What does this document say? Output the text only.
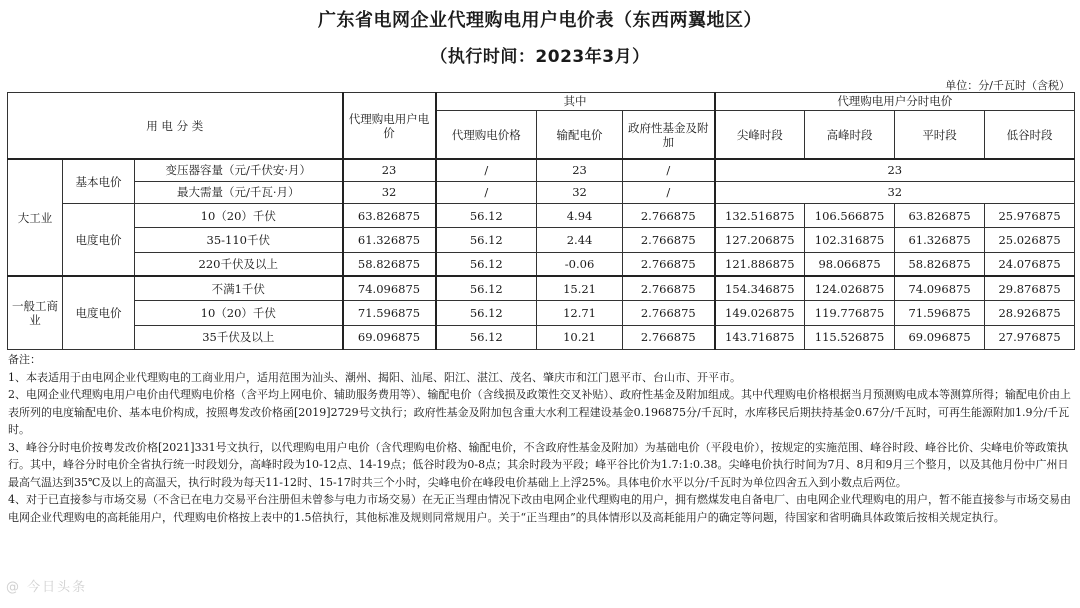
广东省电网企业代理购电用户电价表（东西两翼地区）
（执行时间：2023年3月）
单位：分/千瓦时（含税）
用 电 分 类			代理购电用户电价	其中			代理购电用户分时电价			
				代理购电价格	输配电价	政府性基金及附加	尖峰时段	高峰时段	平时段	低谷时段
大工业	基本电价	变压器容量（元/千伏安·月）	23	/	23	/	23			
		最大需量（元/千瓦·月）	32	/	32	/	32			
	电度电价	10（20）千伏	63.826875	56.12	4.94	2.766875	132.516875	106.566875	63.826875	25.976875
		35-110千伏	61.326875	56.12	2.44	2.766875	127.206875	102.316875	61.326875	25.026875
		220千伏及以上	58.826875	56.12	-0.06	2.766875	121.886875	98.066875	58.826875	24.076875
一般工商业	电度电价	不满1千伏	74.096875	56.12	15.21	2.766875	154.346875	124.026875	74.096875	29.876875
		10（20）千伏	71.596875	56.12	12.71	2.766875	149.026875	119.776875	71.596875	28.926875
		35千伏及以上	69.096875	56.12	10.21	2.766875	143.716875	115.526875	69.096875	27.976875

备注：

1、本表适用于由电网企业代理购电的工商业用户，适用范围为汕头、潮州、揭阳、汕尾、阳江、湛江、茂名、肇庆市和江门恩平市、台山市、开平市。

2、电网企业代理购电用户电价由代理购电价格（含平均上网电价、辅助服务费用等）、输配电价（含线损及政策性交叉补贴）、政府性基金及附加组成。其中代理购电价格根据当月预测购电成本等测算所得；输配电价由上表所列的电度输配电价、基本电价构成，按照粤发改价格函[2019]2729号文执行；政府性基金及附加包含重大水利工程建设基金0.196875分/千瓦时，水库移民后期扶持基金0.67分/千瓦时，可再生能源附加1.9分/千瓦时。

3、峰谷分时电价按粤发改价格[2021]331号文执行，以代理购电用户电价（含代理购电价格、输配电价，不含政府性基金及附加）为基础电价（平段电价），按规定的实施范围、峰谷时段、峰谷比价、尖峰电价等政策执行。其中，峰谷分时电价全省执行统一时段划分，高峰时段为10-12点、14-19点；低谷时段为0-8点；其余时段为平段；峰平谷比价为1.7:1:0.38。尖峰电价执行时间为7月、8月和9月三个整月，以及其他月份中广州日最高气温达到35℃及以上的高温天，执行时段为每天11-12时、15-17时共三个小时，尖峰电价在峰段电价基础上上浮25%。具体电价水平以分/千瓦时为单位四舍五入到小数点后两位。

4、对于已直接参与市场交易（不含已在电力交易平台注册但未曾参与电力市场交易）在无正当理由情况下改由电网企业代理购电的用户，拥有燃煤发电自备电厂、由电网企业代理购电的用户，暂不能直接参与市场交易由电网企业代理购电的高耗能用户，代理购电价格按上表中的1.5倍执行，其他标准及规则同常规用户。关于“正当理由”的具体情形以及高耗能用户的确定等问题，待国家和省明确具体政策后按相关规定执行。

@ 今日头条
